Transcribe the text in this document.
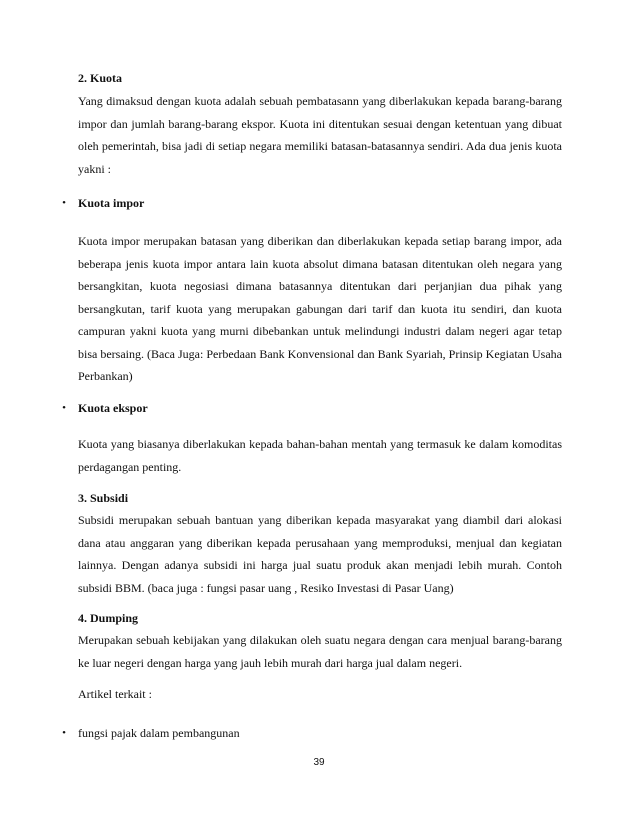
2. Kuota
Yang dimaksud dengan kuota adalah sebuah pembatasann yang diberlakukan kepada barang-barang impor dan jumlah barang-barang ekspor. Kuota ini ditentukan sesuai dengan ketentuan yang dibuat oleh pemerintah, bisa jadi di setiap negara memiliki batasan-batasannya sendiri. Ada dua jenis kuota yakni :
•	Kuota impor
Kuota impor merupakan batasan yang diberikan dan diberlakukan kepada setiap barang impor, ada beberapa jenis kuota impor antara lain kuota absolut dimana batasan ditentukan oleh negara yang bersangkitan, kuota negosiasi dimana batasannya ditentukan dari perjanjian dua pihak yang bersangkutan, tarif kuota yang merupakan gabungan dari tarif dan kuota itu sendiri, dan kuota campuran yakni kuota yang murni dibebankan untuk melindungi industri dalam negeri agar tetap bisa bersaing. (Baca Juga: Perbedaan Bank Konvensional dan Bank Syariah, Prinsip Kegiatan Usaha Perbankan)
•	Kuota ekspor
Kuota yang biasanya diberlakukan kepada bahan-bahan mentah yang termasuk ke dalam komoditas perdagangan penting.
3. Subsidi
Subsidi merupakan sebuah bantuan yang diberikan kepada masyarakat yang diambil dari alokasi dana atau anggaran yang diberikan kepada perusahaan yang memproduksi, menjual dan kegiatan lainnya. Dengan adanya subsidi ini harga jual suatu produk akan menjadi lebih murah. Contoh subsidi BBM. (baca juga : fungsi pasar uang , Resiko Investasi di Pasar Uang)
4. Dumping
Merupakan sebuah kebijakan yang dilakukan oleh suatu negara dengan cara menjual barang-barang ke luar negeri dengan harga yang jauh lebih murah dari harga jual dalam negeri.
Artikel terkait :
•	fungsi pajak dalam pembangunan
39
